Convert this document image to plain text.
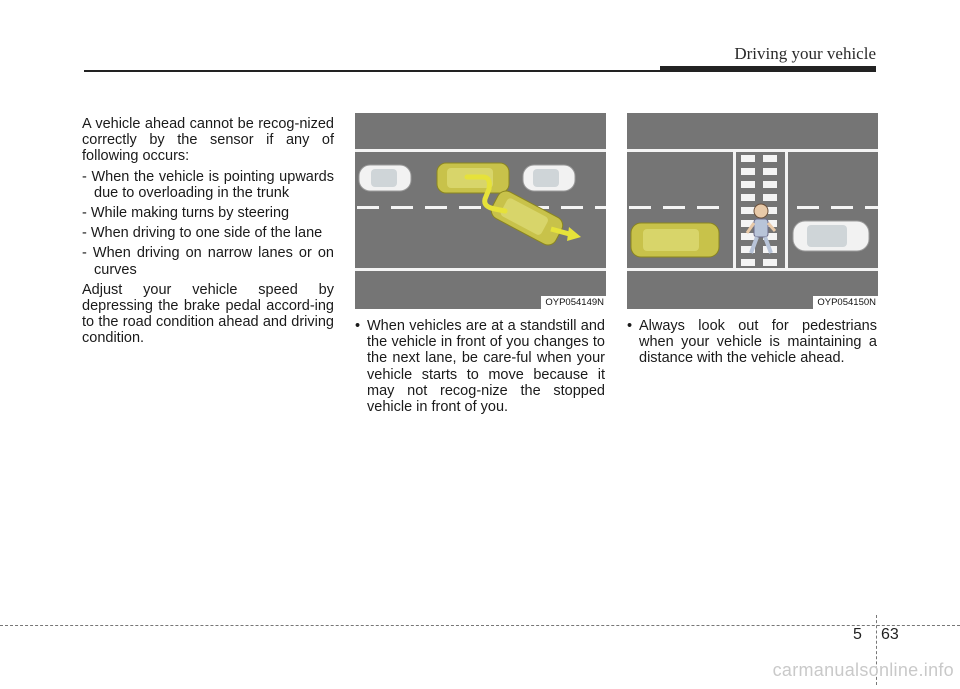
Driving your vehicle

A vehicle ahead cannot be recog-nized correctly by the sensor if any of following occurs:

- When the vehicle is pointing upwards due to overloading in the trunk

- While making turns by steering

- When driving to one side of the lane

- When driving on narrow lanes or on curves

Adjust your vehicle speed by depressing the brake pedal accord-ing to the road condition ahead and driving condition.

OYP054149N	OYP054150N

• When vehicles are at a standstill and the vehicle in front of you changes to the next lane, be care-ful when your vehicle starts to move because it may not recog-nize the stopped vehicle in front of you.

• Always look out for pedestrians when your vehicle is maintaining a distance with the vehicle ahead.

5 63
carmanualsonline.info
